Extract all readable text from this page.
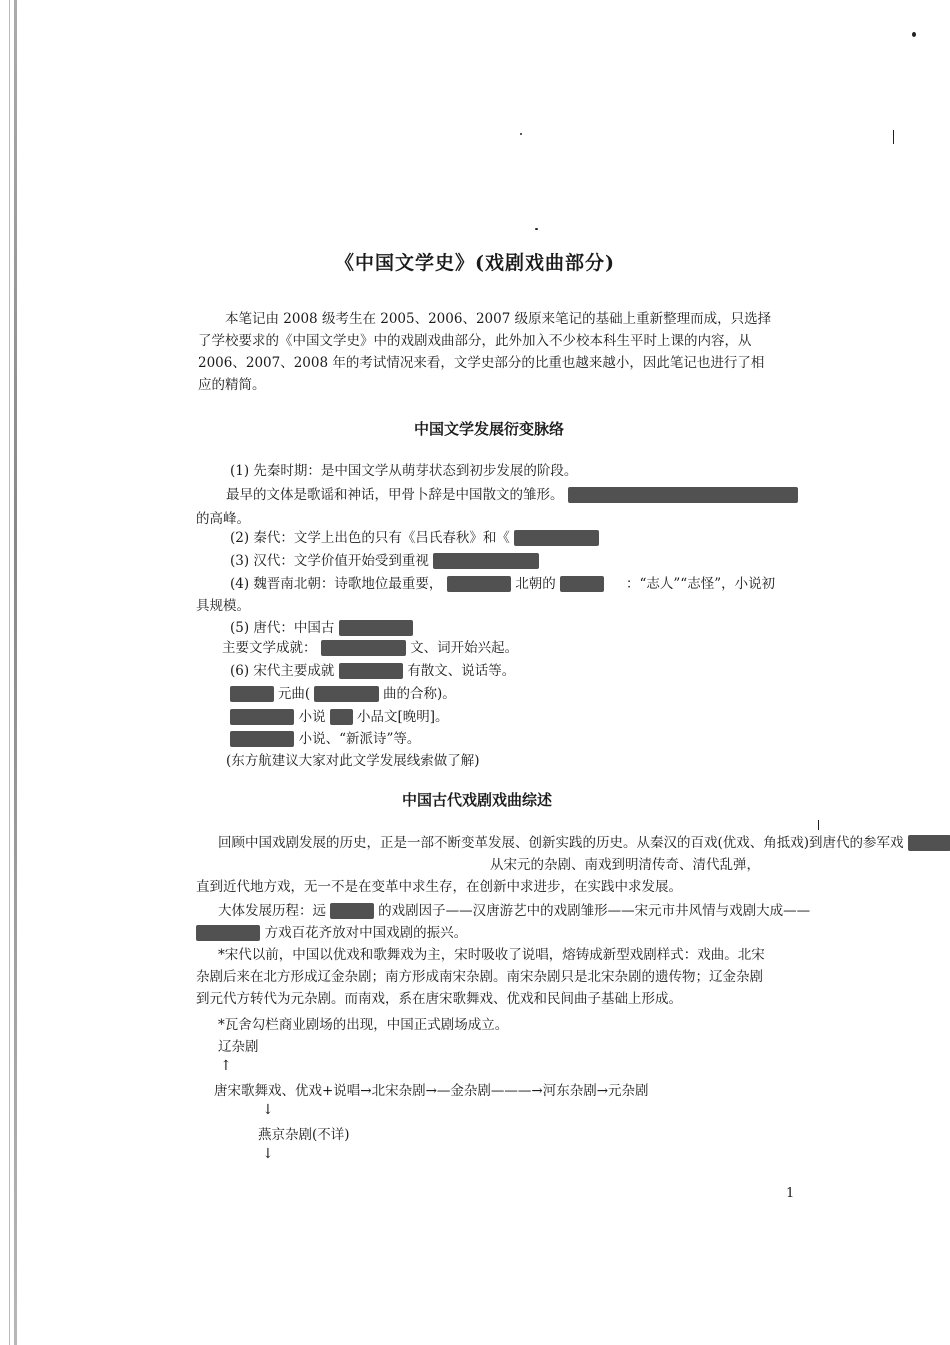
《中国文学史》(戏剧戏曲部分)
本笔记由 2008 级考生在 2005、2006、2007 级原来笔记的基础上重新整理而成，只选择了学校要求的《中国文学史》中的戏剧戏曲部分，此外加入不少校本科生平时上课的内容，从 2006、2007、2008 年的考试情况来看，文学史部分的比重也越来越小，因此笔记也进行了相应的精简。
中国文学发展衍变脉络
(1) 先秦时期：是中国文学从萌芽状态到初步发展的阶段。
最早的文体是歌谣和神话，甲骨卜辞是中国散文的雏形。
的高峰。
(2) 秦代：文学上出色的只有《吕氏春秋》和《
(3) 汉代：文学价值开始受到重视
(4) 魏晋南北朝：诗歌地位最重要，	北朝的	：“志人”“志怪”，小说初具规模。
(5) 唐代：中国古
主要文学成就：	文、词开始兴起。
(6) 宋代主要成就	有散文、说话等。
元曲(	曲的合称)。
小说 小品文[晚明]。
小说、“新派诗”等。
(东方航建议大家对此文学发展线索做了解)
中国古代戏剧戏曲综述
回顾中国戏剧发展的历史，正是一部不断变革发展、创新实践的历史。从秦汉的百戏(优戏、角抵戏)到唐代的参军戏
从宋元的杂剧、南戏到明清传奇、清代乱弹，直到近代地方戏，无一不是在变革中求生存，在创新中求进步，在实践中求发展。
大体发展历程：远	的戏剧因子——汉唐游艺中的戏剧雏形——宋元市井风情与戏剧大成——
方戏百花齐放对中国戏剧的振兴。
*宋代以前，中国以优戏和歌舞戏为主，宋时吸收了说唱，熔铸成新型戏剧样式：戏曲。北宋杂剧后来在北方形成辽金杂剧；南方形成南宋杂剧。南宋杂剧只是北宋杂剧的遗传物；辽金杂剧到元代方转代为元杂剧。而南戏，系在唐宋歌舞戏、优戏和民间曲子基础上形成。
*瓦舍勾栏商业剧场的出现，中国正式剧场成立。
辽杂剧
↑
唐宋歌舞戏、优戏+说唱→北宋杂剧→—金杂剧———→河东杂剧→元杂剧
↓
燕京杂剧(不详)
↓
1
